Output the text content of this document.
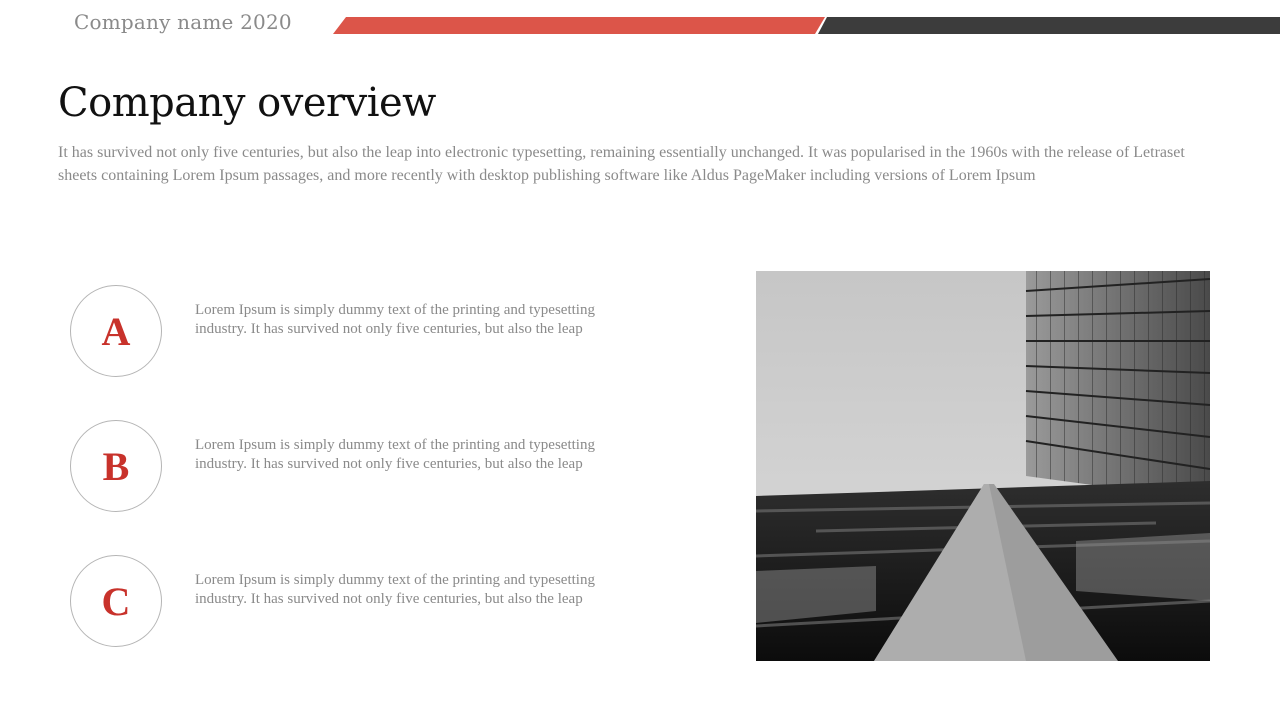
Company name 2020
Company overview

It has survived not only five centuries, but also the leap into electronic typesetting, remaining essentially unchanged. It was popularised in the 1960s with the release of Letraset sheets containing Lorem Ipsum passages, and more recently with desktop publishing software like Aldus PageMaker including versions of Lorem Ipsum

A	Lorem Ipsum is simply dummy text of the printing and typesetting industry. It has survived not only five centuries, but also the leap

B	Lorem Ipsum is simply dummy text of the printing and typesetting industry. It has survived not only five centuries, but also the leap

C	Lorem Ipsum is simply dummy text of the printing and typesetting industry. It has survived not only five centuries, but also the leap
